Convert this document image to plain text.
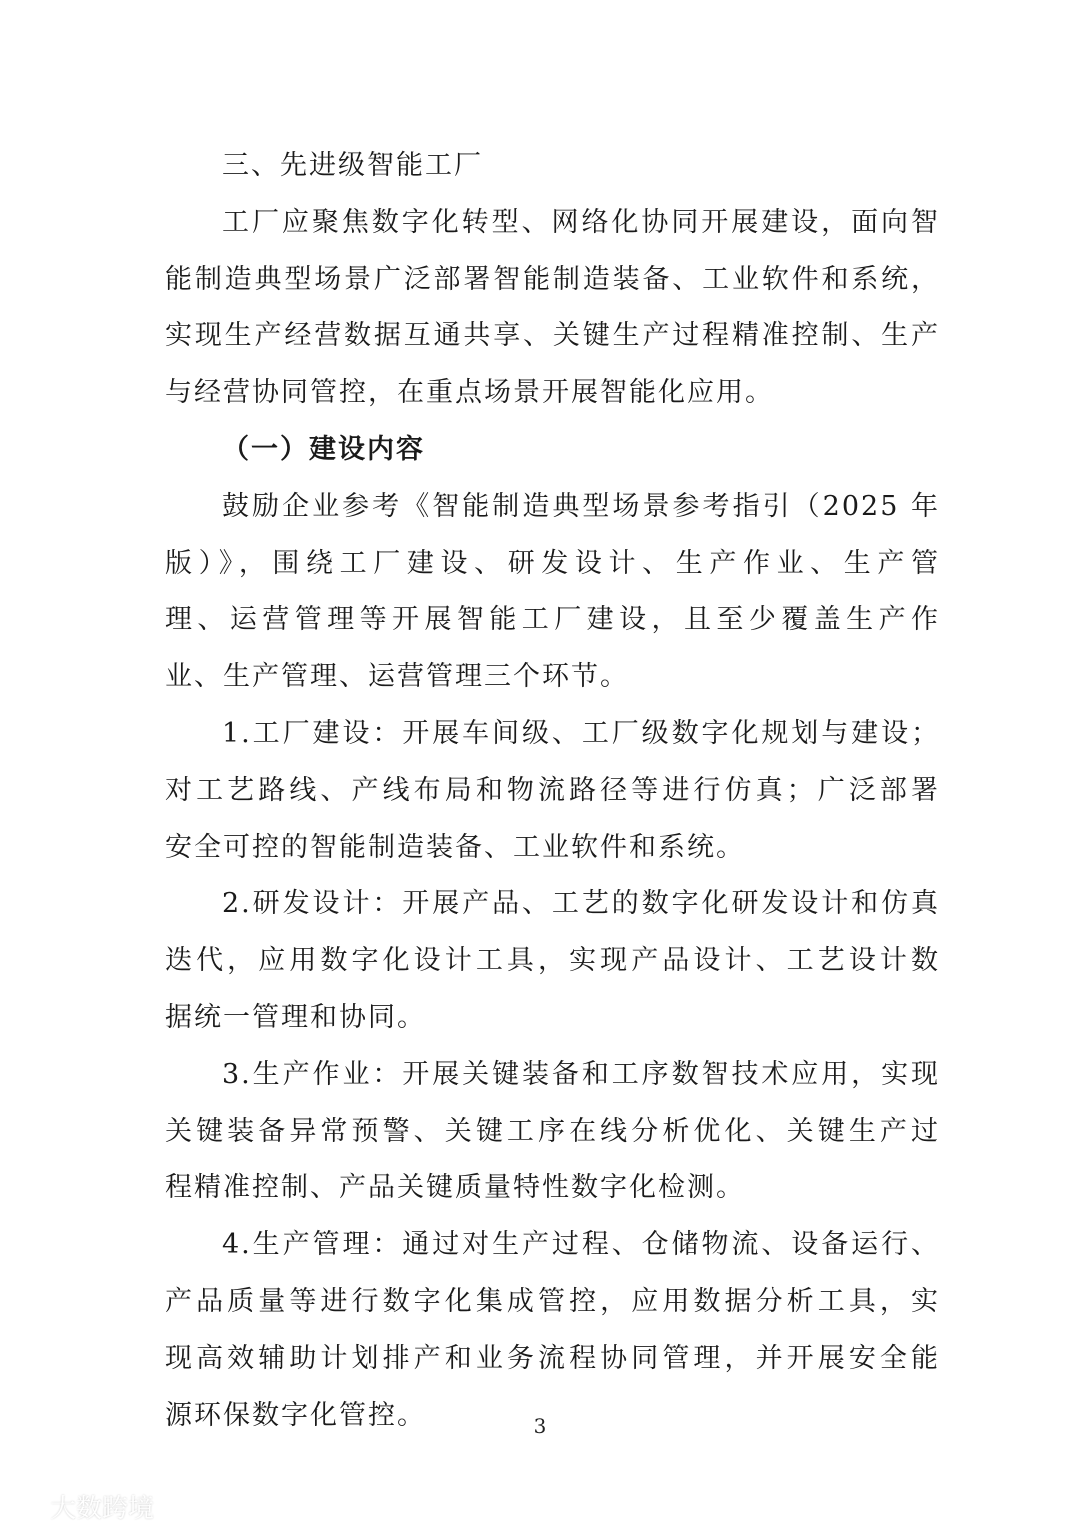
三、先进级智能工厂
工厂应聚焦数字化转型、网络化协同开展建设，面向智
能制造典型场景广泛部署智能制造装备、工业软件和系统，
实现生产经营数据互通共享、关键生产过程精准控制、生产
与经营协同管控，在重点场景开展智能化应用。
（一）建设内容
鼓励企业参考《智能制造典型场景参考指引（2025 年
版）》，围绕工厂建设、研发设计、生产作业、生产管
理、运营管理等开展智能工厂建设，且至少覆盖生产作
业、生产管理、运营管理三个环节。
1.工厂建设：开展车间级、工厂级数字化规划与建设；
对工艺路线、产线布局和物流路径等进行仿真；广泛部署
安全可控的智能制造装备、工业软件和系统。
2.研发设计：开展产品、工艺的数字化研发设计和仿真
迭代，应用数字化设计工具，实现产品设计、工艺设计数
据统一管理和协同。
3.生产作业：开展关键装备和工序数智技术应用，实现
关键装备异常预警、关键工序在线分析优化、关键生产过
程精准控制、产品关键质量特性数字化检测。
4.生产管理：通过对生产过程、仓储物流、设备运行、
产品质量等进行数字化集成管控，应用数据分析工具，实
现高效辅助计划排产和业务流程协同管理，并开展安全能
源环保数字化管控。	3
大数跨境
